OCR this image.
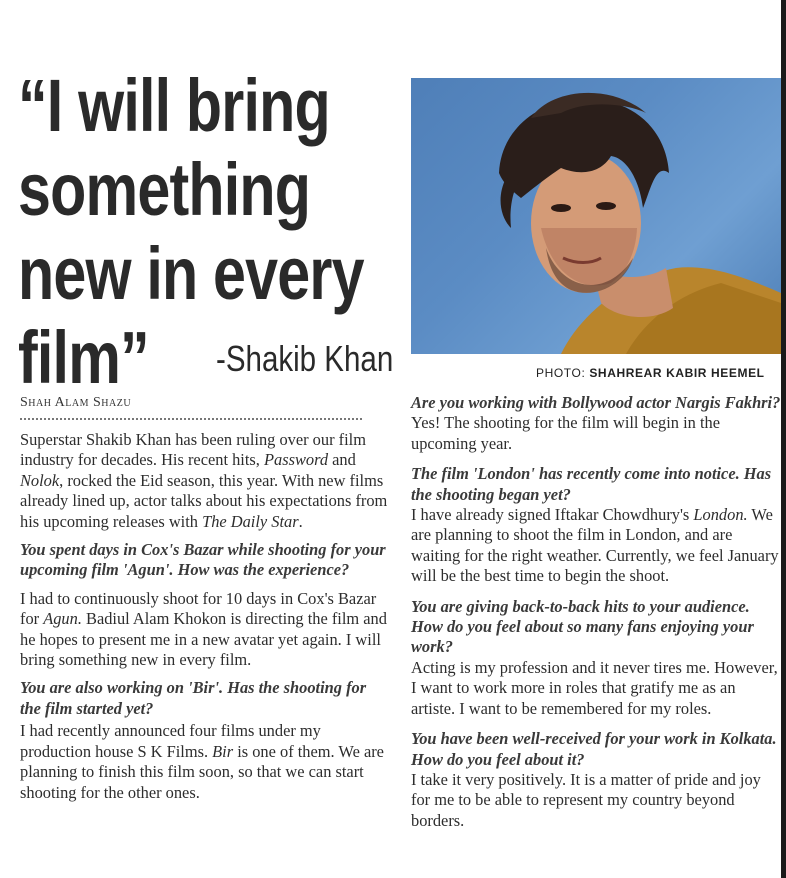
“I will bring
something
new in every
film”	-Shakib Khan	PHOTO: SHAHREAR KABIR HEEMEL
Shah Alam Shazu

Superstar Shakib Khan has been ruling over our film industry for decades. His recent hits, Password and Nolok, rocked the Eid season, this year. With new films already lined up, actor talks about his expectations from his upcoming releases with The Daily Star.

You spent days in Cox's Bazar while shooting for your upcoming film 'Agun'. How was the experience?

I had to continuously shoot for 10 days in Cox's Bazar for Agun. Badiul Alam Khokon is directing the film and he hopes to present me in a new avatar yet again. I will bring something new in every film.

You are also working on 'Bir'. Has the shooting for the film started yet?

I had recently announced four films under my production house S K Films. Bir is one of them. We are planning to finish this film soon, so that we can start shooting for the other ones.

Are you working with Bollywood actor Nargis Fakhri?

Yes! The shooting for the film will begin in the upcoming year.

The film 'London' has recently come into notice. Has the shooting began yet?

I have already signed Iftakar Chowdhury's London. We are planning to shoot the film in London, and are waiting for the right weather. Currently, we feel January will be the best time to begin the shoot.

You are giving back-to-back hits to your audience. How do you feel about so many fans enjoying your work?

Acting is my profession and it never tires me. However, I want to work more in roles that gratify me as an artiste. I want to be remembered for my roles.

You have been well-received for your work in Kolkata. How do you feel about it?

I take it very positively. It is a matter of pride and joy for me to be able to represent my country beyond borders.
